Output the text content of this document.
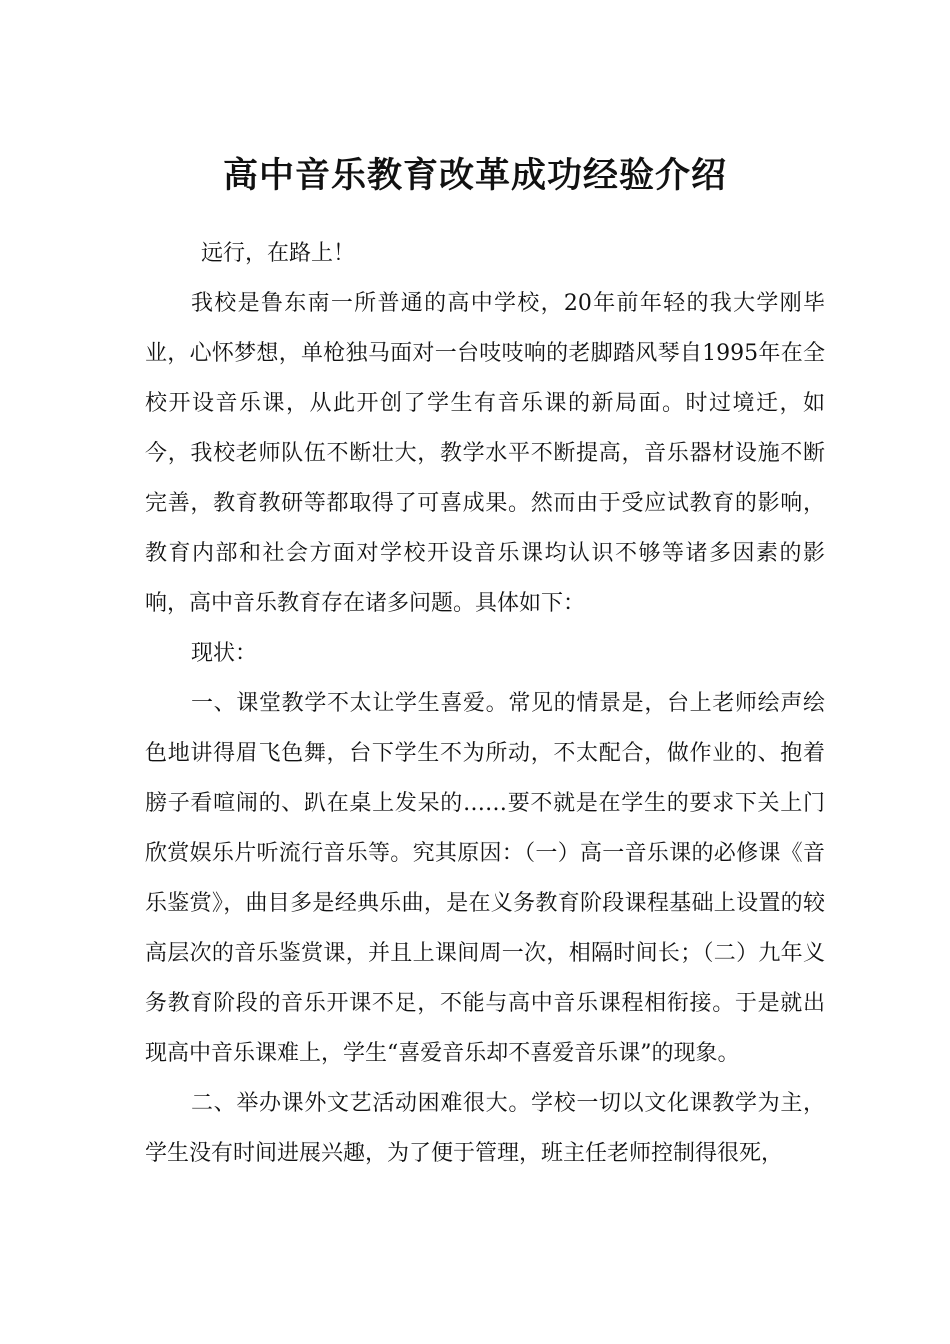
高中音乐教育改革成功经验介绍

远行，在路上！

我校是鲁东南一所普通的高中学校，20年前年轻的我大学刚毕业，心怀梦想，单枪独马面对一台吱吱响的老脚踏风琴自1995年在全校开设音乐课，从此开创了学生有音乐课的新局面。时过境迁，如今，我校老师队伍不断壮大，教学水平不断提高，音乐器材设施不断完善，教育教研等都取得了可喜成果。然而由于受应试教育的影响，教育内部和社会方面对学校开设音乐课均认识不够等诸多因素的影响，高中音乐教育存在诸多问题。具体如下：

现状：

一、课堂教学不太让学生喜爱。常见的情景是，台上老师绘声绘色地讲得眉飞色舞，台下学生不为所动，不太配合，做作业的、抱着膀子看喧闹的、趴在桌上发呆的……要不就是在学生的要求下关上门欣赏娱乐片听流行音乐等。究其原因：（一）高一音乐课的必修课《音乐鉴赏》，曲目多是经典乐曲，是在义务教育阶段课程基础上设置的较高层次的音乐鉴赏课，并且上课间周一次，相隔时间长；（二）九年义务教育阶段的音乐开课不足，不能与高中音乐课程相衔接。于是就出现高中音乐课难上，学生“喜爱音乐却不喜爱音乐课”的现象。

二、举办课外文艺活动困难很大。学校一切以文化课教学为主，学生没有时间进展兴趣，为了便于管理，班主任老师控制得很死，
